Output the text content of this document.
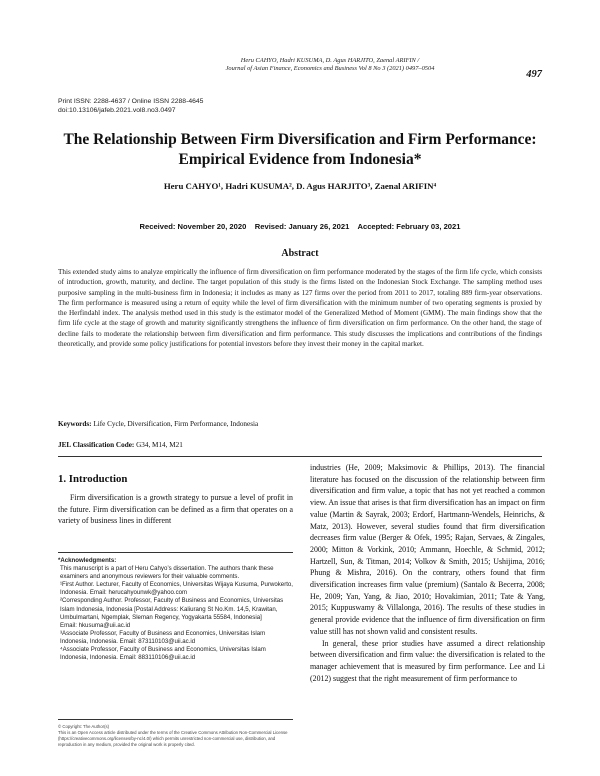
Heru CAHYO, Hadri KUSUMA, D. Agus HARJITO, Zaenal ARIFIN /
Journal of Asian Finance, Economics and Business Vol 8 No 3 (2021) 0497–0504
497
Print ISSN: 2288-4637 / Online ISSN 2288-4645
doi:10.13106/jafeb.2021.vol8.no3.0497
The Relationship Between Firm Diversification and Firm Performance:
Empirical Evidence from Indonesia*
Heru CAHYO¹, Hadri KUSUMA², D. Agus HARJITO³, Zaenal ARIFIN⁴
Received: November 20, 2020    Revised: January 26, 2021    Accepted: February 03, 2021
Abstract
This extended study aims to analyze empirically the influence of firm diversification on firm performance moderated by the stages of the firm life cycle, which consists of introduction, growth, maturity, and decline. The target population of this study is the firms listed on the Indonesian Stock Exchange. The sampling method uses purposive sampling in the multi-business firm in Indonesia; it includes as many as 127 firms over the period from 2011 to 2017, totaling 889 firm-year observations. The firm performance is measured using a return of equity while the level of firm diversification with the minimum number of two operating segments is proxied by the Herfindahl index. The analysis method used in this study is the estimator model of the Generalized Method of Moment (GMM). The main findings show that the firm life cycle at the stage of growth and maturity significantly strengthens the influence of firm diversification on firm performance. On the other hand, the stage of decline fails to moderate the relationship between firm diversification and firm performance. This study discusses the implications and contributions of the findings theoretically, and provide some policy justifications for potential investors before they invest their money in the capital market.
Keywords: Life Cycle, Diversification, Firm Performance, Indonesia
JEL Classification Code: G34, M14, M21
1. Introduction

Firm diversification is a growth strategy to pursue a level of profit in the future. Firm diversification can be defined as a firm that operates on a variety of business lines in different

industries (He, 2009; Maksimovic & Phillips, 2013). The financial literature has focused on the discussion of the relationship between firm diversification and firm value, a topic that has not yet reached a common view. An issue that arises is that firm diversification has an impact on firm value (Martin & Sayrak, 2003; Erdorf, Hartmann-Wendels, Heinrichs, & Matz, 2013). However, several studies found that firm diversification decreases firm value (Berger & Ofek, 1995; Rajan, Servaes, & Zingales, 2000; Mitton & Vorkink, 2010; Ammann, Hoechle, & Schmid, 2012; Hartzell, Sun, & Titman, 2014; Volkov & Smith, 2015; Ushijima, 2016; Phung & Mishra, 2016). On the contrary, others found that firm diversification increases firm value (premium) (Santalo & Becerra, 2008; He, 2009; Yan, Yang, & Jiao, 2010; Hovakimian, 2011; Tate & Yang, 2015; Kuppuswamy & Villalonga, 2016). The results of these studies in general provide evidence that the influence of firm diversification on firm value still has not shown valid and consistent results.

In general, these prior studies have assumed a direct relationship between diversification and firm value: the diversification is related to the manager achievement that is measured by firm performance. Lee and Li (2012) suggest that the right measurement of firm performance to

*Acknowledgments:
This manuscript is a part of Heru Cahyo’s dissertation. The authors thank these examiners and anonymous reviewers for their valuable comments.
¹First Author. Lecturer, Faculty of Economics, Universitas Wijaya Kusuma, Purwokerto, Indonesia. Email: herucahyounwk@yahoo.com
²Corresponding Author. Professor, Faculty of Business and Economics, Universitas Islam Indonesia, Indonesia [Postal Address: Kaliurang St No.Km. 14,5, Krawitan, Umbulmartani, Ngemplak, Sleman Regency, Yogyakarta 55584, Indonesia]
Email: hkusuma@uii.ac.id
³Associate Professor, Faculty of Business and Economics, Universitas Islam Indonesia, Indonesia. Email: 873110103@uii.ac.id
⁴Associate Professor, Faculty of Business and Economics, Universitas Islam Indonesia, Indonesia. Email: 883110106@uii.ac.id
© Copyright: The Author(s)
This is an Open Access article distributed under the terms of the Creative Commons Attribution Non-Commercial License (https://creativecommons.org/licenses/by-nc/4.0/) which permits unrestricted non-commercial use, distribution, and reproduction in any medium, provided the original work is properly cited.
